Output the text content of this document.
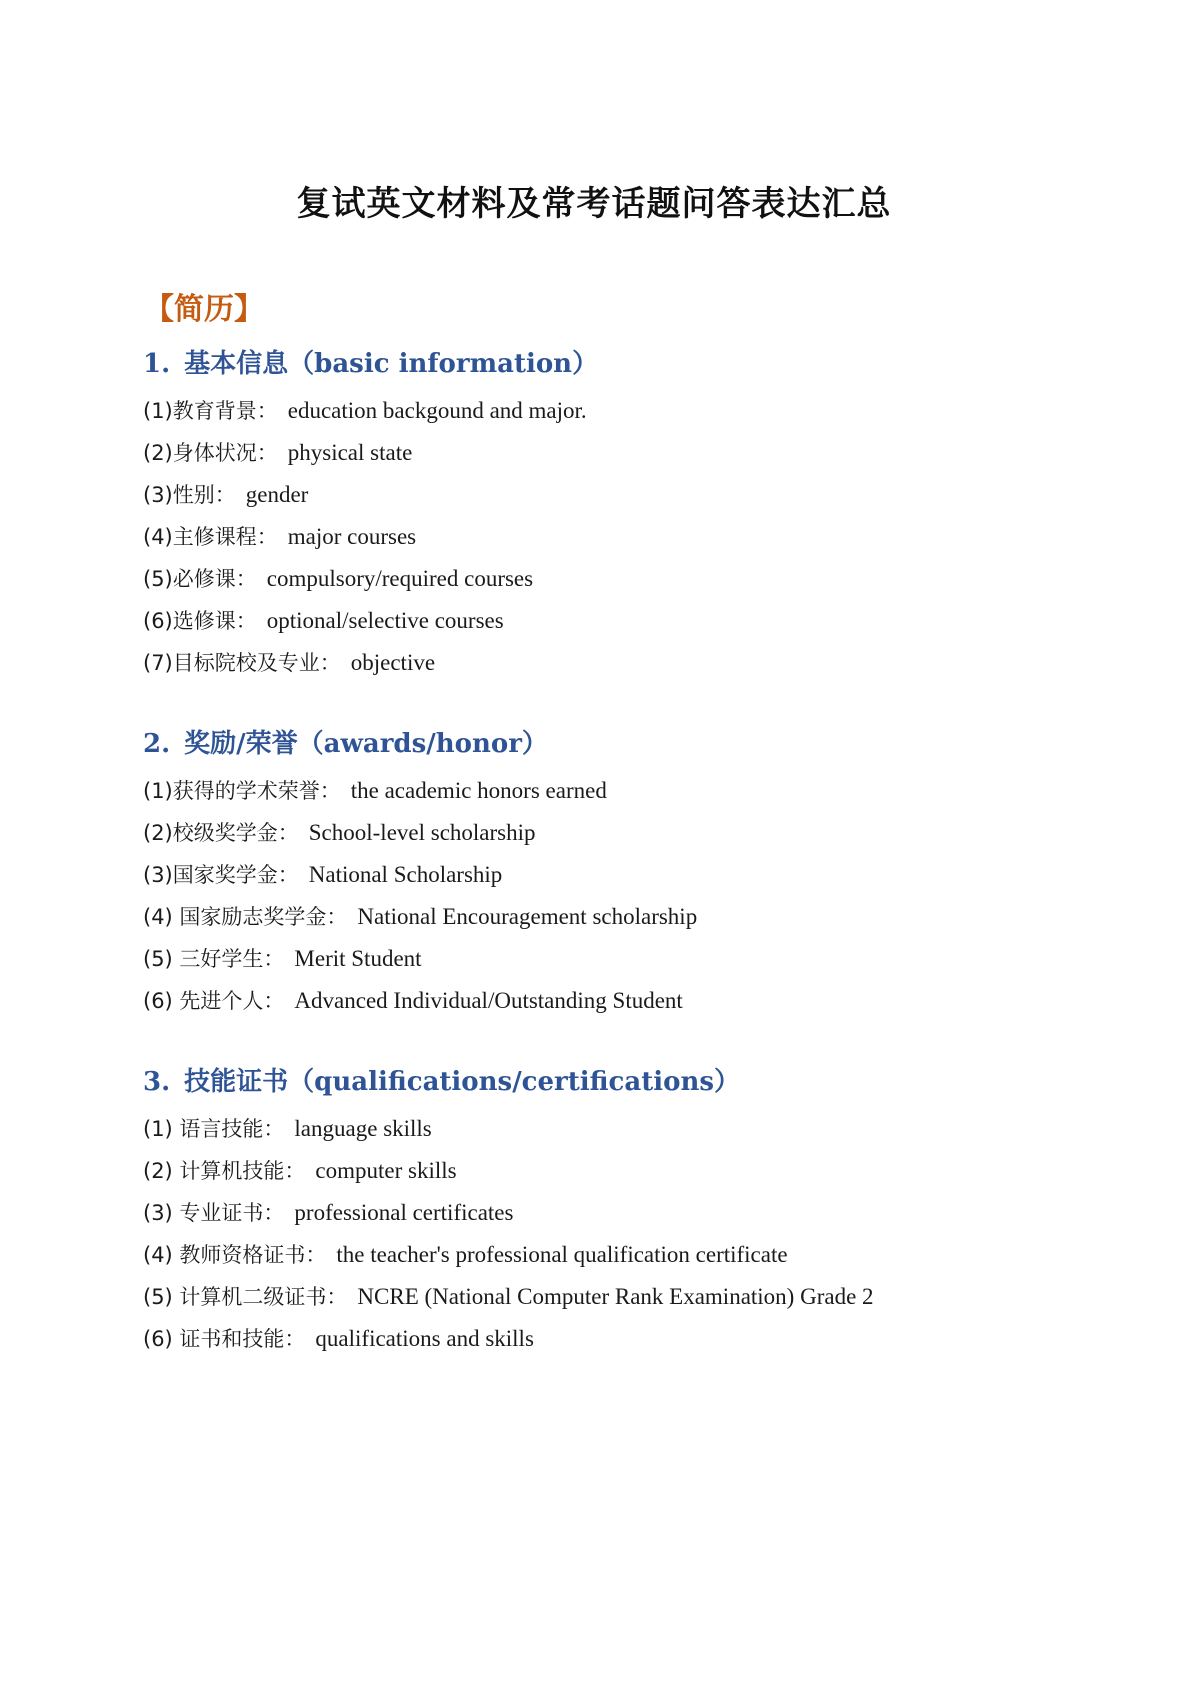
复试英文材料及常考话题问答表达汇总
【简历】
1. 基本信息（basic information）
(1)教育背景： education backgound and major.
(2)身体状况： physical state
(3)性别： gender
(4)主修课程： major courses
(5)必修课： compulsory/required courses
(6)选修课： optional/selective courses
(7)目标院校及专业： objective
2. 奖励/荣誉（awards/honor）
(1)获得的学术荣誉： the academic honors earned
(2)校级奖学金： School-level scholarship
(3)国家奖学金： National Scholarship
(4) 国家励志奖学金： National Encouragement scholarship
(5) 三好学生： Merit Student
(6) 先进个人： Advanced Individual/Outstanding Student
3. 技能证书（qualifications/certifications）
(1) 语言技能： language skills
(2) 计算机技能： computer skills
(3) 专业证书： professional certificates
(4) 教师资格证书： the teacher's professional qualification certificate
(5) 计算机二级证书： NCRE (National Computer Rank Examination) Grade 2
(6) 证书和技能： qualifications and skills
